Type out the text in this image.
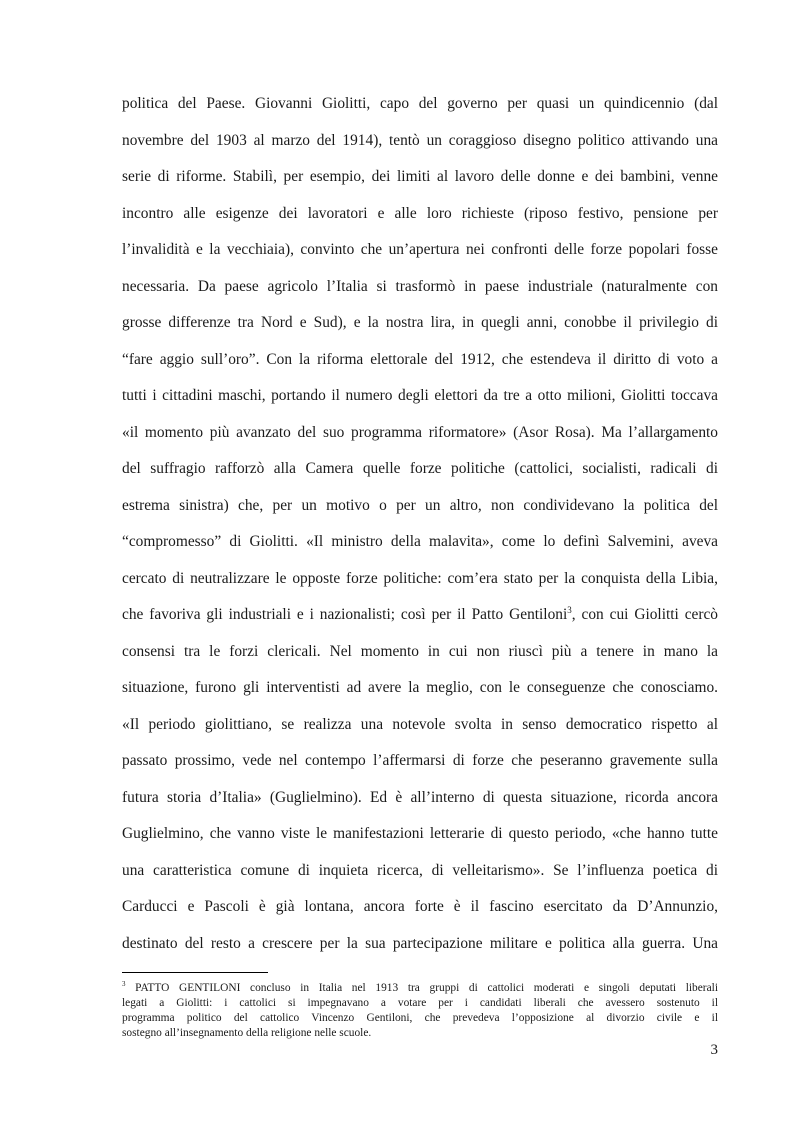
politica del Paese. Giovanni Giolitti, capo del governo per quasi un quindicennio (dal
novembre del 1903 al marzo del 1914), tentò un coraggioso disegno politico attivando una
serie di riforme. Stabilì, per esempio, dei limiti al lavoro delle donne e dei bambini, venne
incontro alle esigenze dei lavoratori e alle loro richieste (riposo festivo, pensione per
l’invalidità e la vecchiaia), convinto che un’apertura nei confronti delle forze popolari fosse
necessaria. Da paese agricolo l’Italia si trasformò in paese industriale (naturalmente con
grosse differenze tra Nord e Sud), e la nostra lira, in quegli anni, conobbe il privilegio di
“fare aggio sull’oro”. Con la riforma elettorale del 1912, che estendeva il diritto di voto a
tutti i cittadini maschi, portando il numero degli elettori da tre a otto milioni, Giolitti toccava
«il momento più avanzato del suo programma riformatore» (Asor Rosa). Ma l’allargamento
del suffragio rafforzò alla Camera quelle forze politiche (cattolici, socialisti, radicali di
estrema sinistra) che, per un motivo o per un altro, non condividevano la politica del
“compromesso” di Giolitti. «Il ministro della malavita», come lo definì Salvemini, aveva
cercato di neutralizzare le opposte forze politiche: com’era stato per la conquista della Libia,
che favoriva gli industriali e i nazionalisti; così per il Patto Gentiloni$^3$, con cui Giolitti cercò
consensi tra le forzi clericali. Nel momento in cui non riuscì più a tenere in mano la
situazione, furono gli interventisti ad avere la meglio, con le conseguenze che conosciamo.
«Il periodo giolittiano, se realizza una notevole svolta in senso democratico rispetto al
passato prossimo, vede nel contempo l’affermarsi di forze che peseranno gravemente sulla
futura storia d’Italia» (Guglielmino). Ed è all’interno di questa situazione, ricorda ancora
Guglielmino, che vanno viste le manifestazioni letterarie di questo periodo, «che hanno tutte
una caratteristica comune di inquieta ricerca, di velleitarismo». Se l’influenza poetica di
Carducci e Pascoli è già lontana, ancora forte è il fascino esercitato da D’Annunzio,
destinato del resto a crescere per la sua partecipazione militare e politica alla guerra. Una
$^3$ PATTO GENTILONI concluso in Italia nel 1913 tra gruppi di cattolici moderati e singoli deputati liberali
legati a Giolitti: i cattolici si impegnavano a votare per i candidati liberali che avessero sostenuto il
programma politico del cattolico Vincenzo Gentiloni, che prevedeva l’opposizione al divorzio civile e il
sostegno all’insegnamento della religione nelle scuole.
3
